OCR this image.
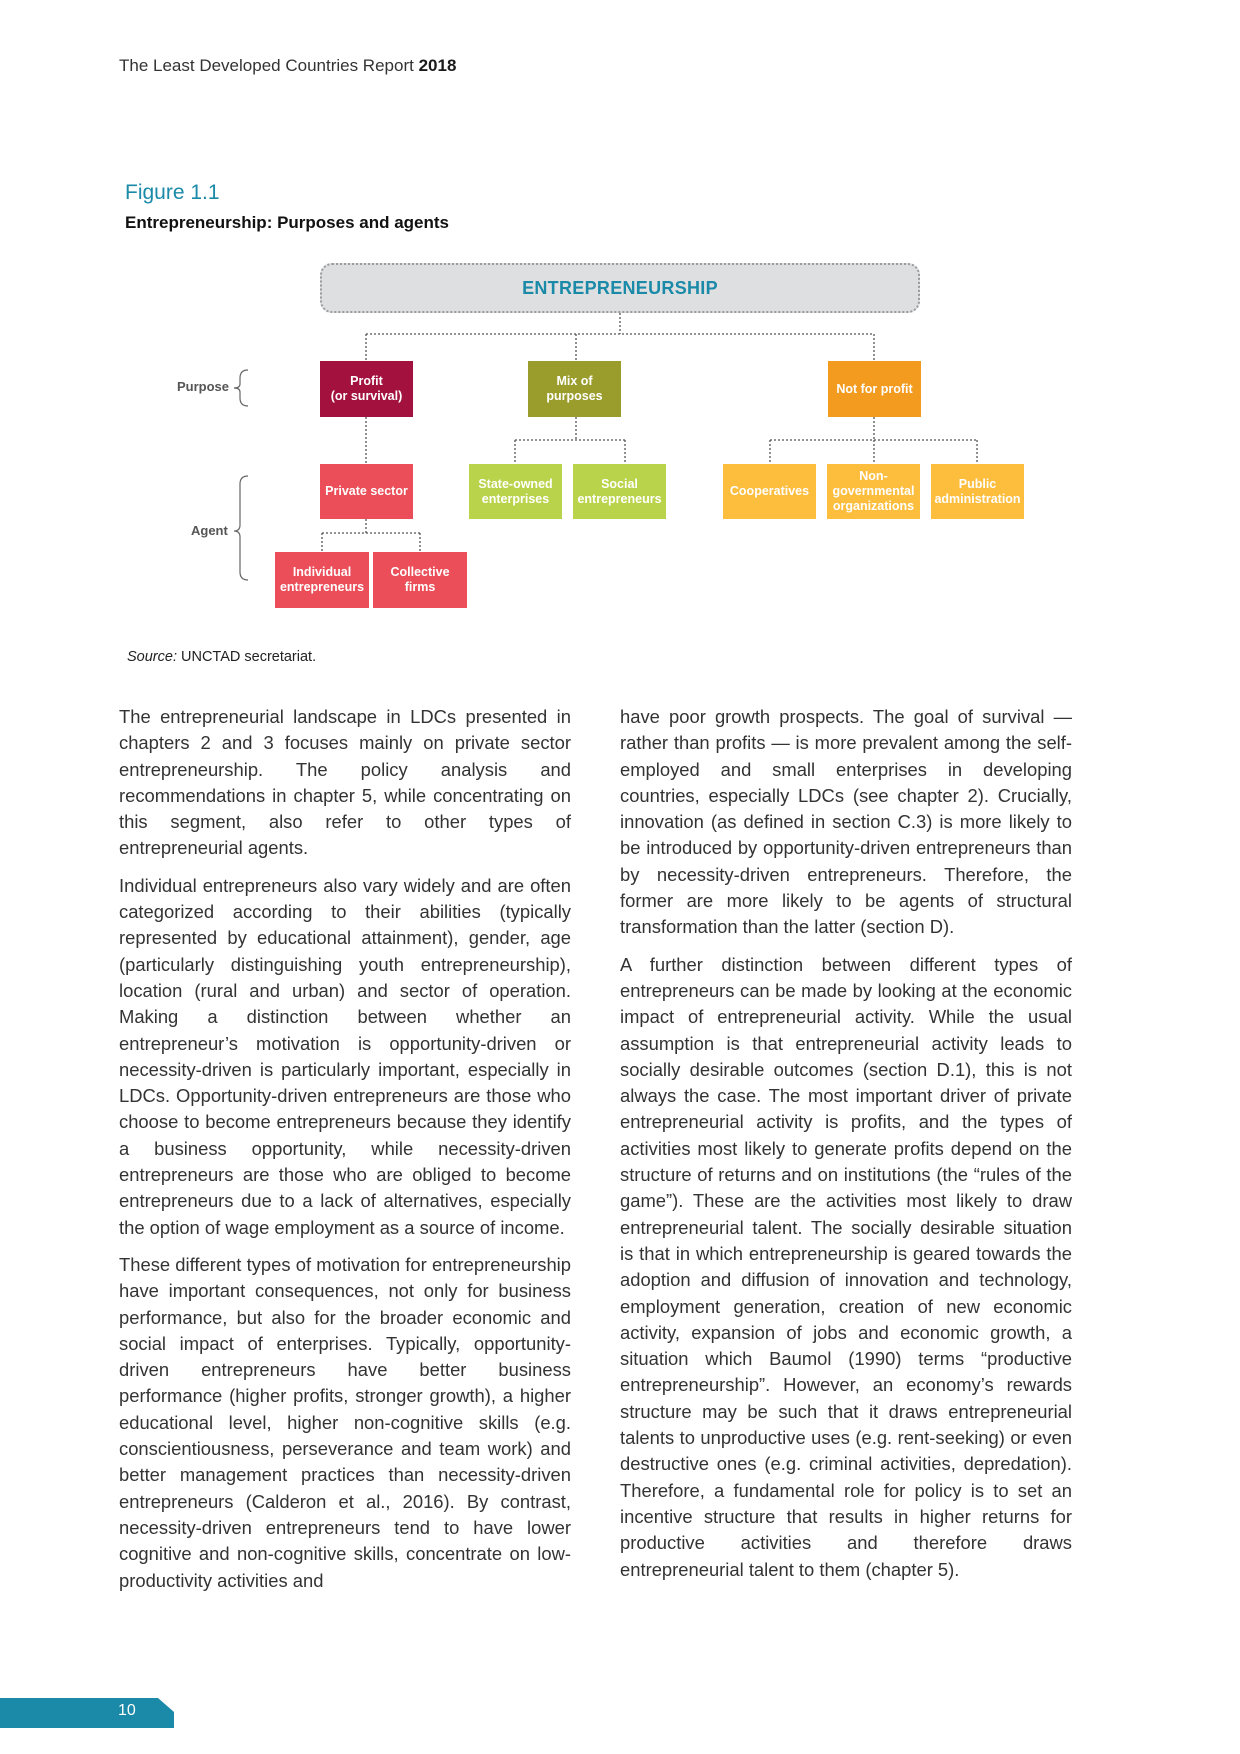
The Least Developed Countries Report 2018
Figure 1.1
Entrepreneurship: Purposes and agents
ENTREPRENEURSHIP
Purpose
Agent
Profit
(or survival)
Mix of
purposes
Not for profit
Private sector
State-owned
enterprises
Social
entrepreneurs
Cooperatives
Non-
governmental
organizations
Public
administration
Individual
entrepreneurs
Collective
firms
Source: UNCTAD secretariat.

The entrepreneurial landscape in LDCs presented in chapters 2 and 3 focuses mainly on private sector entrepreneurship. The policy analysis and recommendations in chapter 5, while concentrating on this segment, also refer to other types of entrepreneurial agents.

Individual entrepreneurs also vary widely and are often categorized according to their abilities (typically represented by educational attainment), gender, age (particularly distinguishing youth entrepreneurship), location (rural and urban) and sector of operation. Making a distinction between whether an entrepreneur’s motivation is opportunity-driven or necessity-driven is particularly important, especially in LDCs. Opportunity-driven entrepreneurs are those who choose to become entrepreneurs because they identify a business opportunity, while necessity-driven entrepreneurs are those who are obliged to become entrepreneurs due to a lack of alternatives, especially the option of wage employment as a source of income.

These different types of motivation for entrepreneurship have important consequences, not only for business performance, but also for the broader economic and social impact of enterprises. Typically, opportunity-driven entrepreneurs have better business performance (higher profits, stronger growth), a higher educational level, higher non-cognitive skills (e.g. conscientiousness, perseverance and team work) and better management practices than necessity-driven entrepreneurs (Calderon et al., 2016). By contrast, necessity-driven entrepreneurs tend to have lower cognitive and non-cognitive skills, concentrate on low-productivity activities and

have poor growth prospects. The goal of survival — rather than profits — is more prevalent among the self-employed and small enterprises in developing countries, especially LDCs (see chapter 2). Crucially, innovation (as defined in section C.3) is more likely to be introduced by opportunity-driven entrepreneurs than by necessity-driven entrepreneurs. Therefore, the former are more likely to be agents of structural transformation than the latter (section D).

A further distinction between different types of entrepreneurs can be made by looking at the economic impact of entrepreneurial activity. While the usual assumption is that entrepreneurial activity leads to socially desirable outcomes (section D.1), this is not always the case. The most important driver of private entrepreneurial activity is profits, and the types of activities most likely to generate profits depend on the structure of returns and on institutions (the “rules of the game”). These are the activities most likely to draw entrepreneurial talent. The socially desirable situation is that in which entrepreneurship is geared towards the adoption and diffusion of innovation and technology, employment generation, creation of new economic activity, expansion of jobs and economic growth, a situation which Baumol (1990) terms “productive entrepreneurship”. However, an economy’s rewards structure may be such that it draws entrepreneurial talents to unproductive uses (e.g. rent-seeking) or even destructive ones (e.g. criminal activities, depredation). Therefore, a fundamental role for policy is to set an incentive structure that results in higher returns for productive activities and therefore draws entrepreneurial talent to them (chapter 5).

10
